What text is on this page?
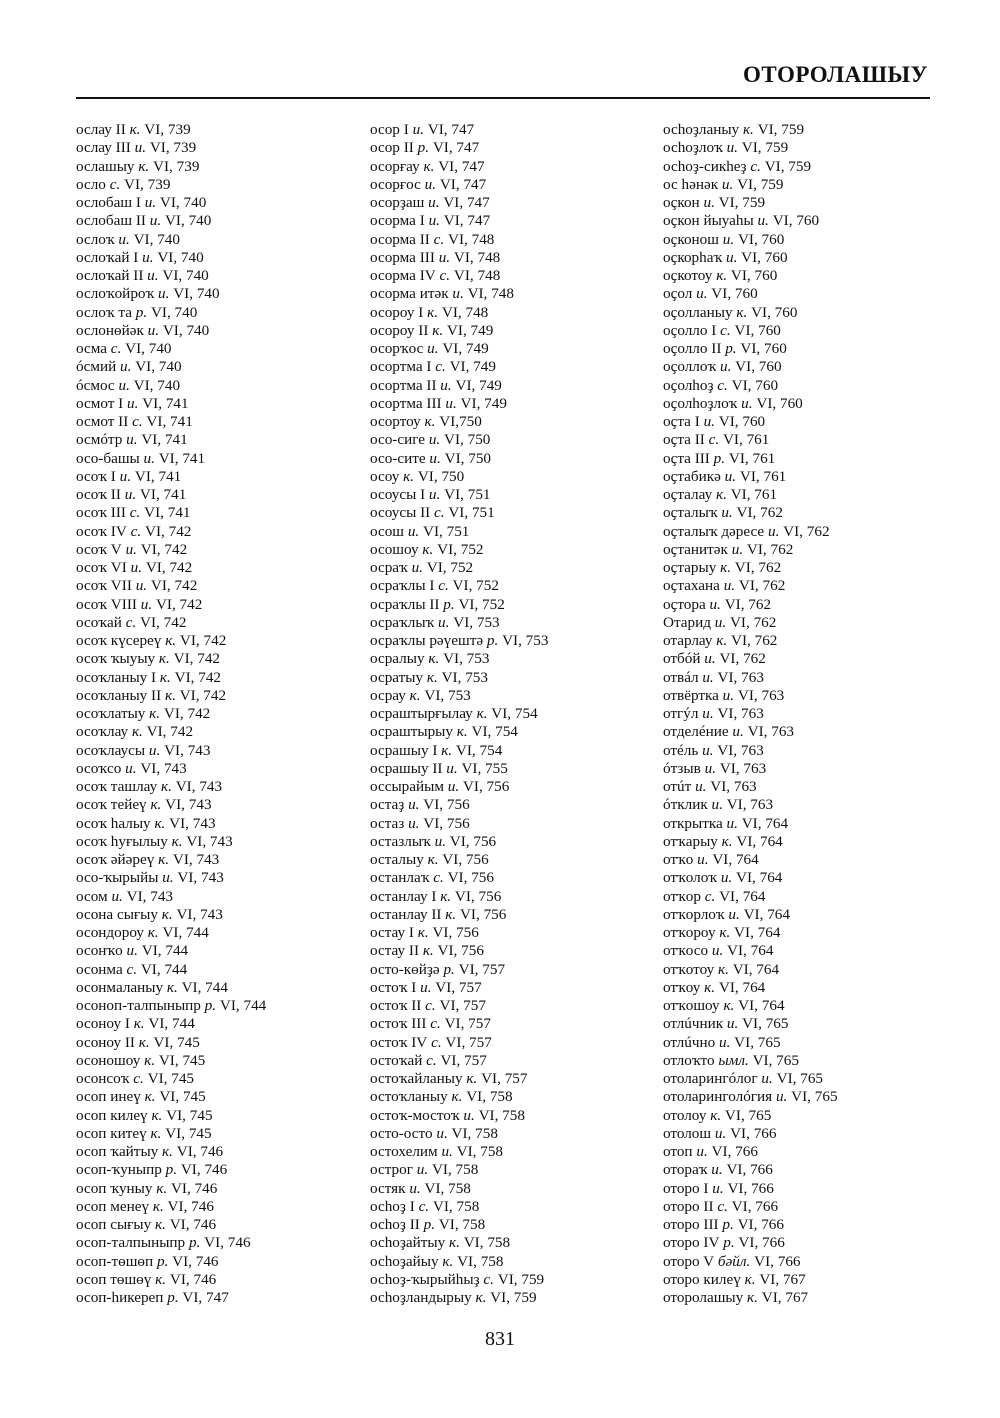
ОТОРОЛАШЫУ
ослау II к. VI, 739
ослау III и. VI, 739
ослашыу к. VI, 739
осло с. VI, 739
ослобаш I и. VI, 740
ослобаш II и. VI, 740
ослоҡ и. VI, 740
ослоҡай I и. VI, 740
ослоҡай II и. VI, 740
ослоҡойроҡ и. VI, 740
ослоҡ та р. VI, 740
ослонөйәк и. VI, 740
осма с. VI, 740
óсмий и. VI, 740
óсмос и. VI, 740
осмот I и. VI, 741
осмот II с. VI, 741
осмóтр и. VI, 741
осо-башы и. VI, 741
осоҡ I и. VI, 741
осоҡ II и. VI, 741
осоҡ III с. VI, 741
осоҡ IV с. VI, 742
осоҡ V и. VI, 742
осоҡ VI и. VI, 742
осоҡ VII и. VI, 742
осоҡ VIII и. VI, 742
осоҡай с. VI, 742
осоҡ күсереү к. VI, 742
осоҡ ҡыуыу к. VI, 742
осоҡланыу I к. VI, 742
осоҡланыу II к. VI, 742
осоҡлатыу к. VI, 742
осоҡлау к. VI, 742
осоҡлаусы и. VI, 743
осоҡсо и. VI, 743
осоҡ ташлау к. VI, 743
осоҡ тейеү к. VI, 743
осоҡ һалыу к. VI, 743
осоҡ һуғылыу к. VI, 743
осоҡ әйәреү к. VI, 743
осо-ҡырыйы и. VI, 743
осом и. VI, 743
осона сығыу к. VI, 743
осондороу к. VI, 744
осонҡо и. VI, 744
осонма с. VI, 744
осонмаланыу к. VI, 744
осоноп-талпыныпр р. VI, 744
осоноу I к. VI, 744
осоноу II к. VI, 745
осоношоу к. VI, 745
осонсоҡ с. VI, 745
осоп инеү к. VI, 745
осоп килеү к. VI, 745
осоп китеү к. VI, 745
осоп ҡайтыу к. VI, 746
осоп-ҡуныпр р. VI, 746
осоп ҡуныу к. VI, 746
осоп менеү к. VI, 746
осоп сығыу к. VI, 746
осоп-талпыныпр р. VI, 746
осоп-төшөп р. VI, 746
осоп төшөү к. VI, 746
осоп-һикереп р. VI, 747
осор I и. VI, 747
осор II р. VI, 747
осорғау к. VI, 747
осорғос и. VI, 747
осорҙаш и. VI, 747
осорма I и. VI, 747
осорма II с. VI, 748
осорма III и. VI, 748
осорма IV с. VI, 748
осорма итәк и. VI, 748
осороу I к. VI, 748
осороу II к. VI, 749
осорҡос и. VI, 749
осортма I с. VI, 749
осортма II и. VI, 749
осортма III и. VI, 749
осортоу к. VI,750
осо-сиге и. VI, 750
осо-сите и. VI, 750
осоу к. VI, 750
осоусы I и. VI, 751
осоусы II с. VI, 751
осош и. VI, 751
осошоу к. VI, 752
осраҡ и. VI, 752
осраҡлы I с. VI, 752
осраҡлы II р. VI, 752
осраҡлыҡ и. VI, 753
осраҡлы рәүештә р. VI, 753
осралыу к. VI, 753
осратыу к. VI, 753
осрау к. VI, 753
осраштырғылау к. VI, 754
осраштырыу к. VI, 754
осрашыу I к. VI, 754
осрашыу II и. VI, 755
оссырайым и. VI, 756
остаҙ и. VI, 756
остаз и. VI, 756
остазлыҡ и. VI, 756
осталыу к. VI, 756
останлаҡ с. VI, 756
останлау I к. VI, 756
останлау II к. VI, 756
остау I к. VI, 756
остау II к. VI, 756
осто-көйҙә р. VI, 757
остоҡ I и. VI, 757
остоҡ II с. VI, 757
остоҡ III с. VI, 757
остоҡ IV с. VI, 757
остоҡай с. VI, 757
остоҡайланыу к. VI, 757
остоҡланыу к. VI, 758
остоҡ-мостоҡ и. VI, 758
осто-осто и. VI, 758
остохелим и. VI, 758
острог и. VI, 758
остяк и. VI, 758
осһоҙ I с. VI, 758
осһоҙ II р. VI, 758
осһоҙайтыу к. VI, 758
осһоҙайыу к. VI, 758
осһоҙ-ҡырыйһыҙ с. VI, 759
осһоҙландырыу к. VI, 759
осһоҙланыу к. VI, 759
осһоҙлоҡ и. VI, 759
осһоҙ-сикһеҙ с. VI, 759
ос һәнәк и. VI, 759
оҫкон и. VI, 759
оҫкон йыуаһы и. VI, 760
оҫконош и. VI, 760
оҫкорһаҡ и. VI, 760
оҫкотоу к. VI, 760
оҫол и. VI, 760
оҫолланыу к. VI, 760
оҫолло I с. VI, 760
оҫолло II р. VI, 760
оҫоллоҡ и. VI, 760
оҫолһоҙ с. VI, 760
оҫолһоҙлоҡ и. VI, 760
оҫта I и. VI, 760
оҫта II с. VI, 761
оҫта III р. VI, 761
оҫтабикә и. VI, 761
оҫталау к. VI, 761
оҫталыҡ и. VI, 762
оҫталыҡ дәресе и. VI, 762
оҫтанитәк и. VI, 762
оҫтарыу к. VI, 762
оҫтахана и. VI, 762
оҫтора и. VI, 762
Отарид и. VI, 762
отарлау к. VI, 762
отбóй и. VI, 762
отвáл и. VI, 763
отвёртка и. VI, 763
отгýл и. VI, 763
отделéние и. VI, 763
отéль и. VI, 763
óтзыв и. VI, 763
отúт и. VI, 763
óтклик и. VI, 763
открытка и. VI, 764
отҡарыу к. VI, 764
отҡо и. VI, 764
отҡолоҡ и. VI, 764
отҡор с. VI, 764
отҡорлоҡ и. VI, 764
отҡороу к. VI, 764
отҡосо и. VI, 764
отҡотоу к. VI, 764
отҡоу к. VI, 764
отҡошоу к. VI, 764
отлúчник и. VI, 765
отлúчно и. VI, 765
отлоҡто ымл. VI, 765
отоларингóлог и. VI, 765
отоларинголóгия и. VI, 765
отолоу к. VI, 765
отолош и. VI, 766
отоп и. VI, 766
отораҡ и. VI, 766
отоpo I и. VI, 766
отоpo II с. VI, 766
отоpo III р. VI, 766
отоpo IV р. VI, 766
отоpo V бәйл. VI, 766
оторо килеү к. VI, 767
отоpолашыу к. VI, 767
831
